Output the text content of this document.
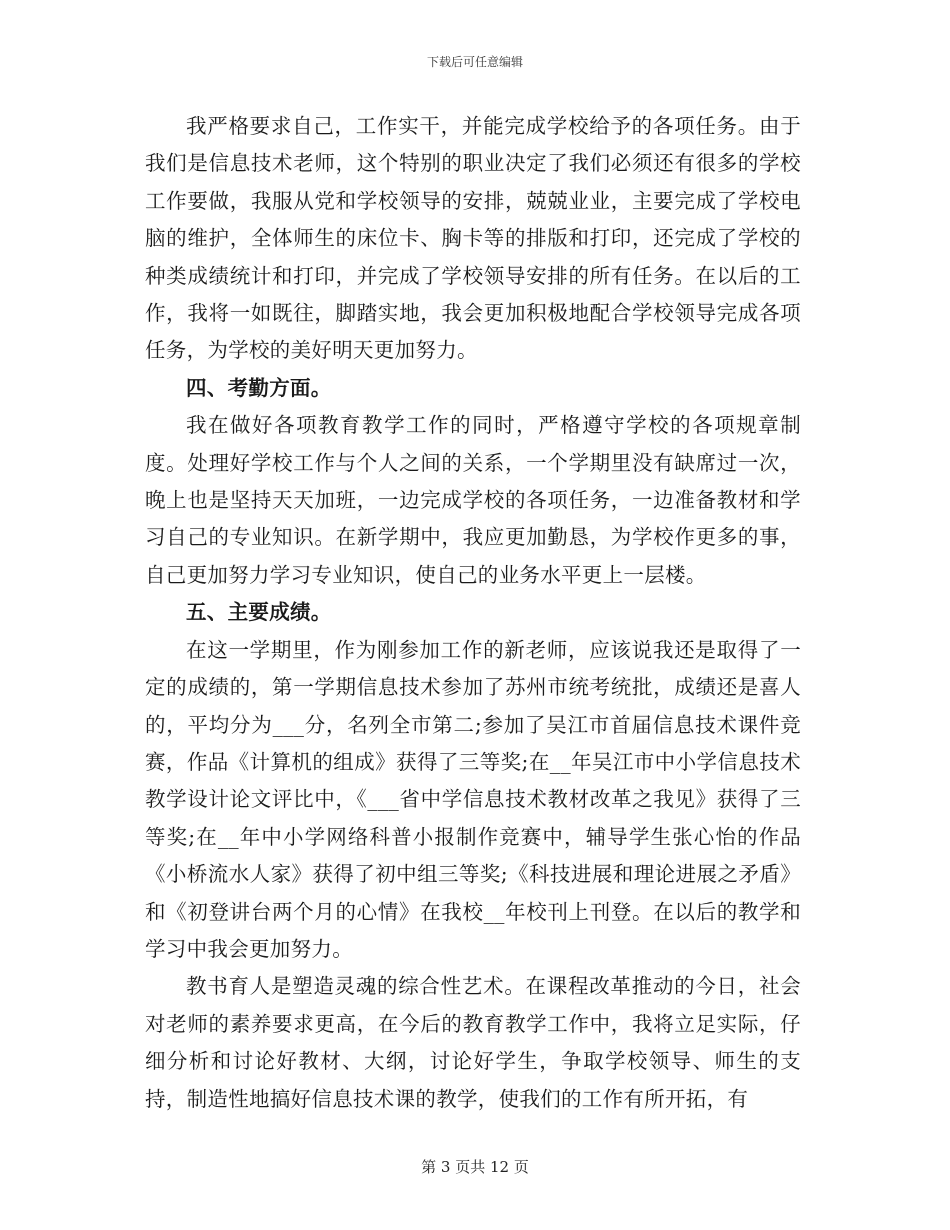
下载后可任意编辑

我严格要求自己，工作实干，并能完成学校给予的各项任务。由于我们是信息技术老师，这个特别的职业决定了我们必须还有很多的学校工作要做，我服从党和学校领导的安排，兢兢业业，主要完成了学校电脑的维护，全体师生的床位卡、胸卡等的排版和打印，还完成了学校的种类成绩统计和打印，并完成了学校领导安排的所有任务。在以后的工作，我将一如既往，脚踏实地，我会更加积极地配合学校领导完成各项任务，为学校的美好明天更加努力。

四、考勤方面。

我在做好各项教育教学工作的同时，严格遵守学校的各项规章制度。处理好学校工作与个人之间的关系，一个学期里没有缺席过一次，晚上也是坚持天天加班，一边完成学校的各项任务，一边准备教材和学习自己的专业知识。在新学期中，我应更加勤恳，为学校作更多的事，自己更加努力学习专业知识，使自己的业务水平更上一层楼。

五、主要成绩。

在这一学期里，作为刚参加工作的新老师，应该说我还是取得了一定的成绩的，第一学期信息技术参加了苏州市统考统批，成绩还是喜人的，平均分为___分，名列全市第二;参加了吴江市首届信息技术课件竞赛，作品《计算机的组成》获得了三等奖;在__年吴江市中小学信息技术教学设计论文评比中，《___省中学信息技术教材改革之我见》获得了三等奖;在__年中小学网络科普小报制作竞赛中，辅导学生张心怡的作品《小桥流水人家》获得了初中组三等奖;《科技进展和理论进展之矛盾》和《初登讲台两个月的心情》在我校__年校刊上刊登。在以后的教学和学习中我会更加努力。

教书育人是塑造灵魂的综合性艺术。在课程改革推动的今日，社会对老师的素养要求更高，在今后的教育教学工作中，我将立足实际，仔细分析和讨论好教材、大纲，讨论好学生，争取学校领导、师生的支持，制造性地搞好信息技术课的教学，使我们的工作有所开拓，有

第 3 页共 12 页
